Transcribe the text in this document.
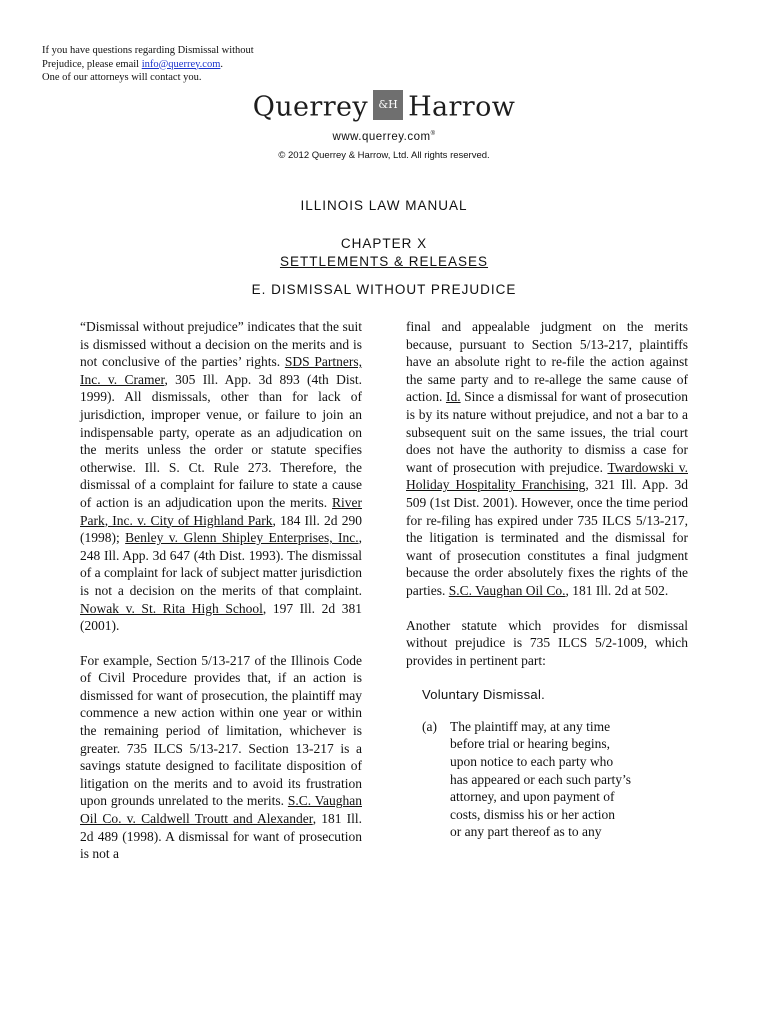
If you have questions regarding Dismissal without
Prejudice, please email info@querrey.com.
One of our attorneys will contact you.
Querrey &H Harrow
www.querrey.com®
© 2012 Querrey & Harrow, Ltd. All rights reserved.
ILLINOIS LAW MANUAL
CHAPTER X
SETTLEMENTS & RELEASES
E. DISMISSAL WITHOUT PREJUDICE

“Dismissal without prejudice” indicates that the suit is dismissed without a decision on the merits and is not conclusive of the parties’ rights. SDS Partners, Inc. v. Cramer, 305 Ill. App. 3d 893 (4th Dist. 1999). All dismissals, other than for lack of jurisdiction, improper venue, or failure to join an indispensable party, operate as an adjudication on the merits unless the order or statute specifies otherwise. Ill. S. Ct. Rule 273. Therefore, the dismissal of a complaint for failure to state a cause of action is an adjudication upon the merits. River Park, Inc. v. City of Highland Park, 184 Ill. 2d 290 (1998); Benley v. Glenn Shipley Enterprises, Inc., 248 Ill. App. 3d 647 (4th Dist. 1993). The dismissal of a complaint for lack of subject matter jurisdiction is not a decision on the merits of that complaint. Nowak v. St. Rita High School, 197 Ill. 2d 381 (2001).

For example, Section 5/13-217 of the Illinois Code of Civil Procedure provides that, if an action is dismissed for want of prosecution, the plaintiff may commence a new action within one year or within the remaining period of limitation, whichever is greater. 735 ILCS 5/13-217. Section 13-217 is a savings statute designed to facilitate disposition of litigation on the merits and to avoid its frustration upon grounds unrelated to the merits. S.C. Vaughan Oil Co. v. Caldwell Troutt and Alexander, 181 Ill. 2d 489 (1998). A dismissal for want of prosecution is not a

final and appealable judgment on the merits because, pursuant to Section 5/13-217, plaintiffs have an absolute right to re-file the action against the same party and to re-allege the same cause of action. Id. Since a dismissal for want of prosecution is by its nature without prejudice, and not a bar to a subsequent suit on the same issues, the trial court does not have the authority to dismiss a case for want of prosecution with prejudice. Twardowski v. Holiday Hospitality Franchising, 321 Ill. App. 3d 509 (1st Dist. 2001). However, once the time period for re-filing has expired under 735 ILCS 5/13-217, the litigation is terminated and the dismissal for want of prosecution constitutes a final judgment because the order absolutely fixes the rights of the parties. S.C. Vaughan Oil Co., 181 Ill. 2d at 502.

Another statute which provides for dismissal without prejudice is 735 ILCS 5/2-1009, which provides in pertinent part:

Voluntary Dismissal.
(a) The plaintiff may, at any time
before trial or hearing begins,
upon notice to each party who
has appeared or each such party’s
attorney, and upon payment of
costs, dismiss his or her action
or any part thereof as to any
